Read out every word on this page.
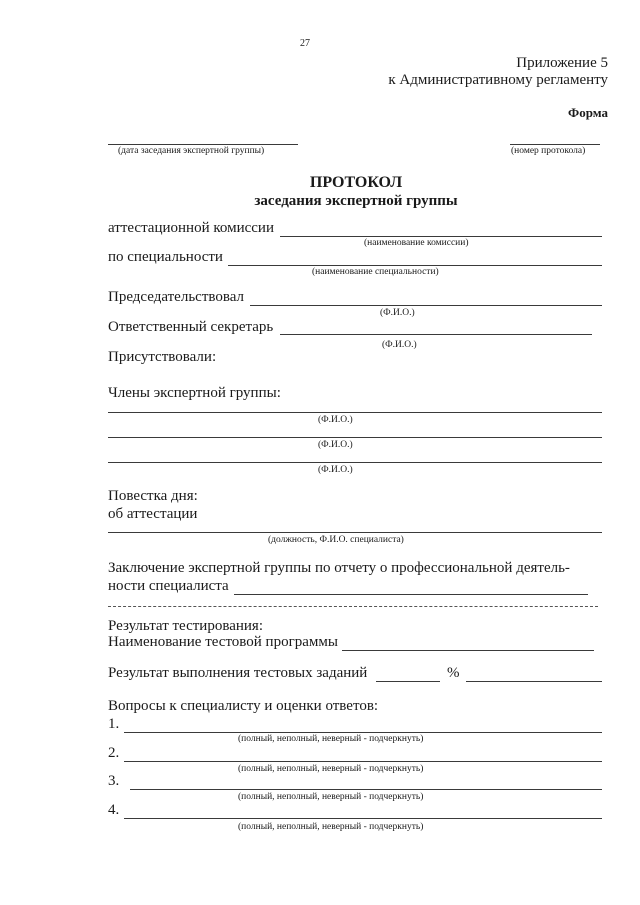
27
Приложение 5
к Административному регламенту
Форма
(дата заседания экспертной группы)	(номер протокола)
ПРОТОКОЛ
заседания экспертной группы
аттестационной комиссии
(наименование комиссии)
по специальности
(наименование специальности)
Председательствовал
(Ф.И.О.)
Ответственный секретарь
(Ф.И.О.)
Присутствовали:
Члены экспертной группы:
(Ф.И.О.)
(Ф.И.О.)
(Ф.И.О.)
Повестка дня:
об аттестации
(должность, Ф.И.О. специалиста)
Заключение экспертной группы по отчету о профессиональной деятель-
ности специалиста
Результат тестирования:
Наименование тестовой программы
Результат выполнения тестовых заданий	%
Вопросы к специалисту и оценки ответов:
1.
(полный, неполный, неверный - подчеркнуть)
2.
(полный, неполный, неверный - подчеркнуть)
3.
(полный, неполный, неверный - подчеркнуть)
4.
(полный, неполный, неверный - подчеркнуть)
